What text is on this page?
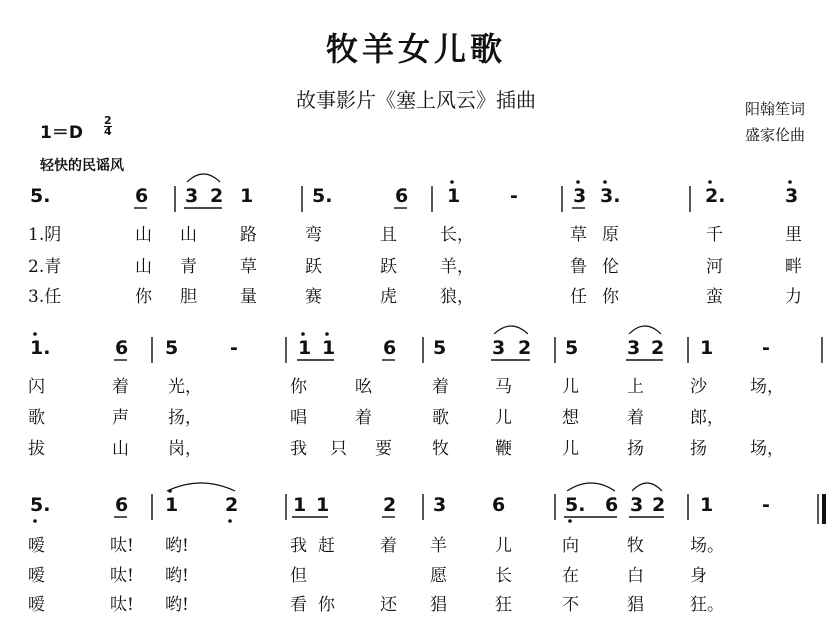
牧羊女儿歌
故事影片《塞上风云》插曲	阳翰笙词
盛家伦曲
1＝D
2
4
轻快的民谣风
5.	6 3 2 1	5.	6 1	-	3 3.	2.	3
1.阴	山 山	路	弯	且	长，	草 原	千	里
2.青	山 青	草	跃	跃	羊，	鲁 伦	河	畔
3.任	你 胆	量	赛	虎	狼，	任 你	蛮	力
1.	6 5	-	1 1	6 5 3 2 5	3 2 1	-
闪	着 光，	你	吆	着	马	儿	上	沙	场，
歌	声 扬，	唱	着	歌	儿	想	着	郎，
拔	山 岗，	我 只 要 牧	鞭	儿	扬	扬	场，
5.	6 1 2	1 1	2 3 6	5. 6 3 2 1	-
嗳	呔! 哟!	我 赶	着 羊	儿	向	牧	场。
嗳	呔! 哟!	但	愿	长	在	白	身
嗳	呔! 哟!	看 你	还 猖	狂	不	猖	狂。
